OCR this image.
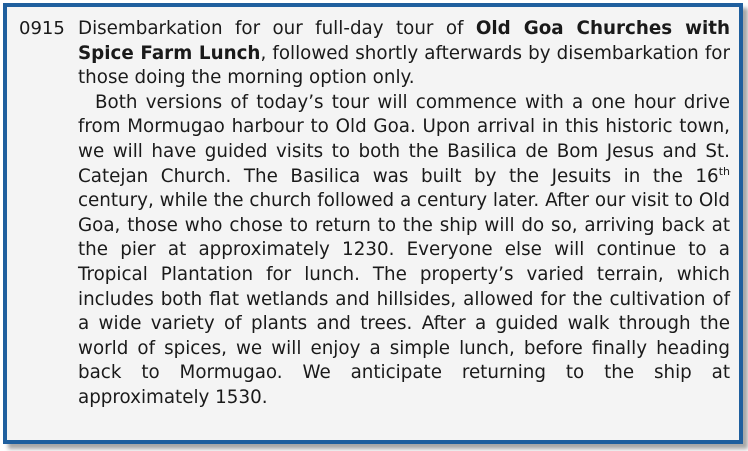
0915 Disembarkation for our full-day tour of Old Goa Churches with Spice Farm Lunch, followed shortly afterwards by disembarkation for those doing the morning option only.

Both versions of today’s tour will commence with a one hour drive from Mormugao harbour to Old Goa. Upon arrival in this historic town, we will have guided visits to both the Basilica de Bom Jesus and St. Catejan Church. The Basilica was built by the Jesuits in the 16th century, while the church followed a century later. After our visit to Old Goa, those who chose to return to the ship will do so, arriving back at the pier at approximately 1230. Everyone else will continue to a Tropical Plantation for lunch. The property’s varied terrain, which includes both flat wetlands and hillsides, allowed for the cultivation of a wide variety of plants and trees. After a guided walk through the world of spices, we will enjoy a simple lunch, before finally heading back to Mormugao. We anticipate returning to the ship at approximately 1530.
